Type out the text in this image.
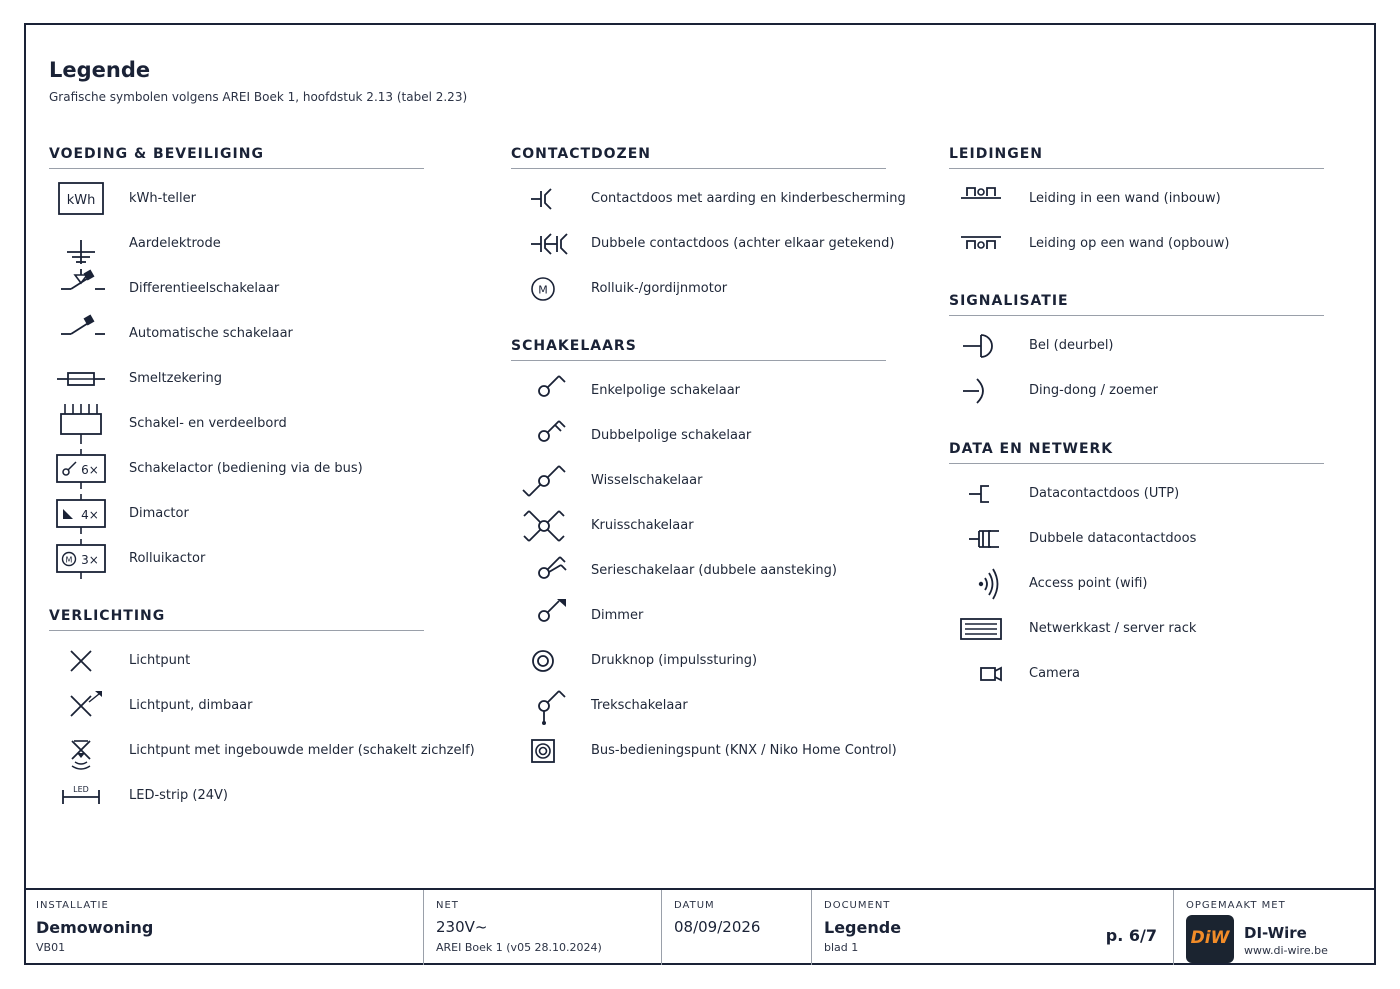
Legende
Grafische symbolen volgens AREI Boek 1, hoofdstuk 2.13 (tabel 2.23)
VOEDING & BEVEILIGING
kWh	kWh-teller
Aardelektrode
Differentieelschakelaar
Automatische schakelaar
Smeltzekering
Schakel- en verdeelbord
6× Schakelactor (bediening via de bus)
4× Dimactor
M 3× Rolluikactor
VERLICHTING
Lichtpunt
Lichtpunt, dimbaar
Lichtpunt met ingebouwde melder (schakelt zichzelf)
LED	LED-strip (24V)
CONTACTDOZEN
Contactdoos met aarding en kinderbescherming
Dubbele contactdoos (achter elkaar getekend)
M	Rolluik-/gordijnmotor
SCHAKELAARS
Enkelpolige schakelaar
Dubbelpolige schakelaar
Wisselschakelaar
Kruisschakelaar
Serieschakelaar (dubbele aansteking)
Dimmer
Drukknop (impulssturing)
Trekschakelaar
Bus-bedieningspunt (KNX / Niko Home Control)
LEIDINGEN
Leiding in een wand (inbouw)
Leiding op een wand (opbouw)
SIGNALISATIE
Bel (deurbel)
Ding-dong / zoemer
DATA EN NETWERK
Datacontactdoos (UTP)
Dubbele datacontactdoos
Access point (wifi)
Netwerkkast / server rack
Camera
INSTALLATIE
Demowoning
VB01
NET
230V~
AREI Boek 1 (v05 28.10.2024)
DATUM
08/09/2026
DOCUMENT
Legende
blad 1
p. 6/7
OPGEMAAKT MET
DiW DI-Wire
www.di-wire.be
